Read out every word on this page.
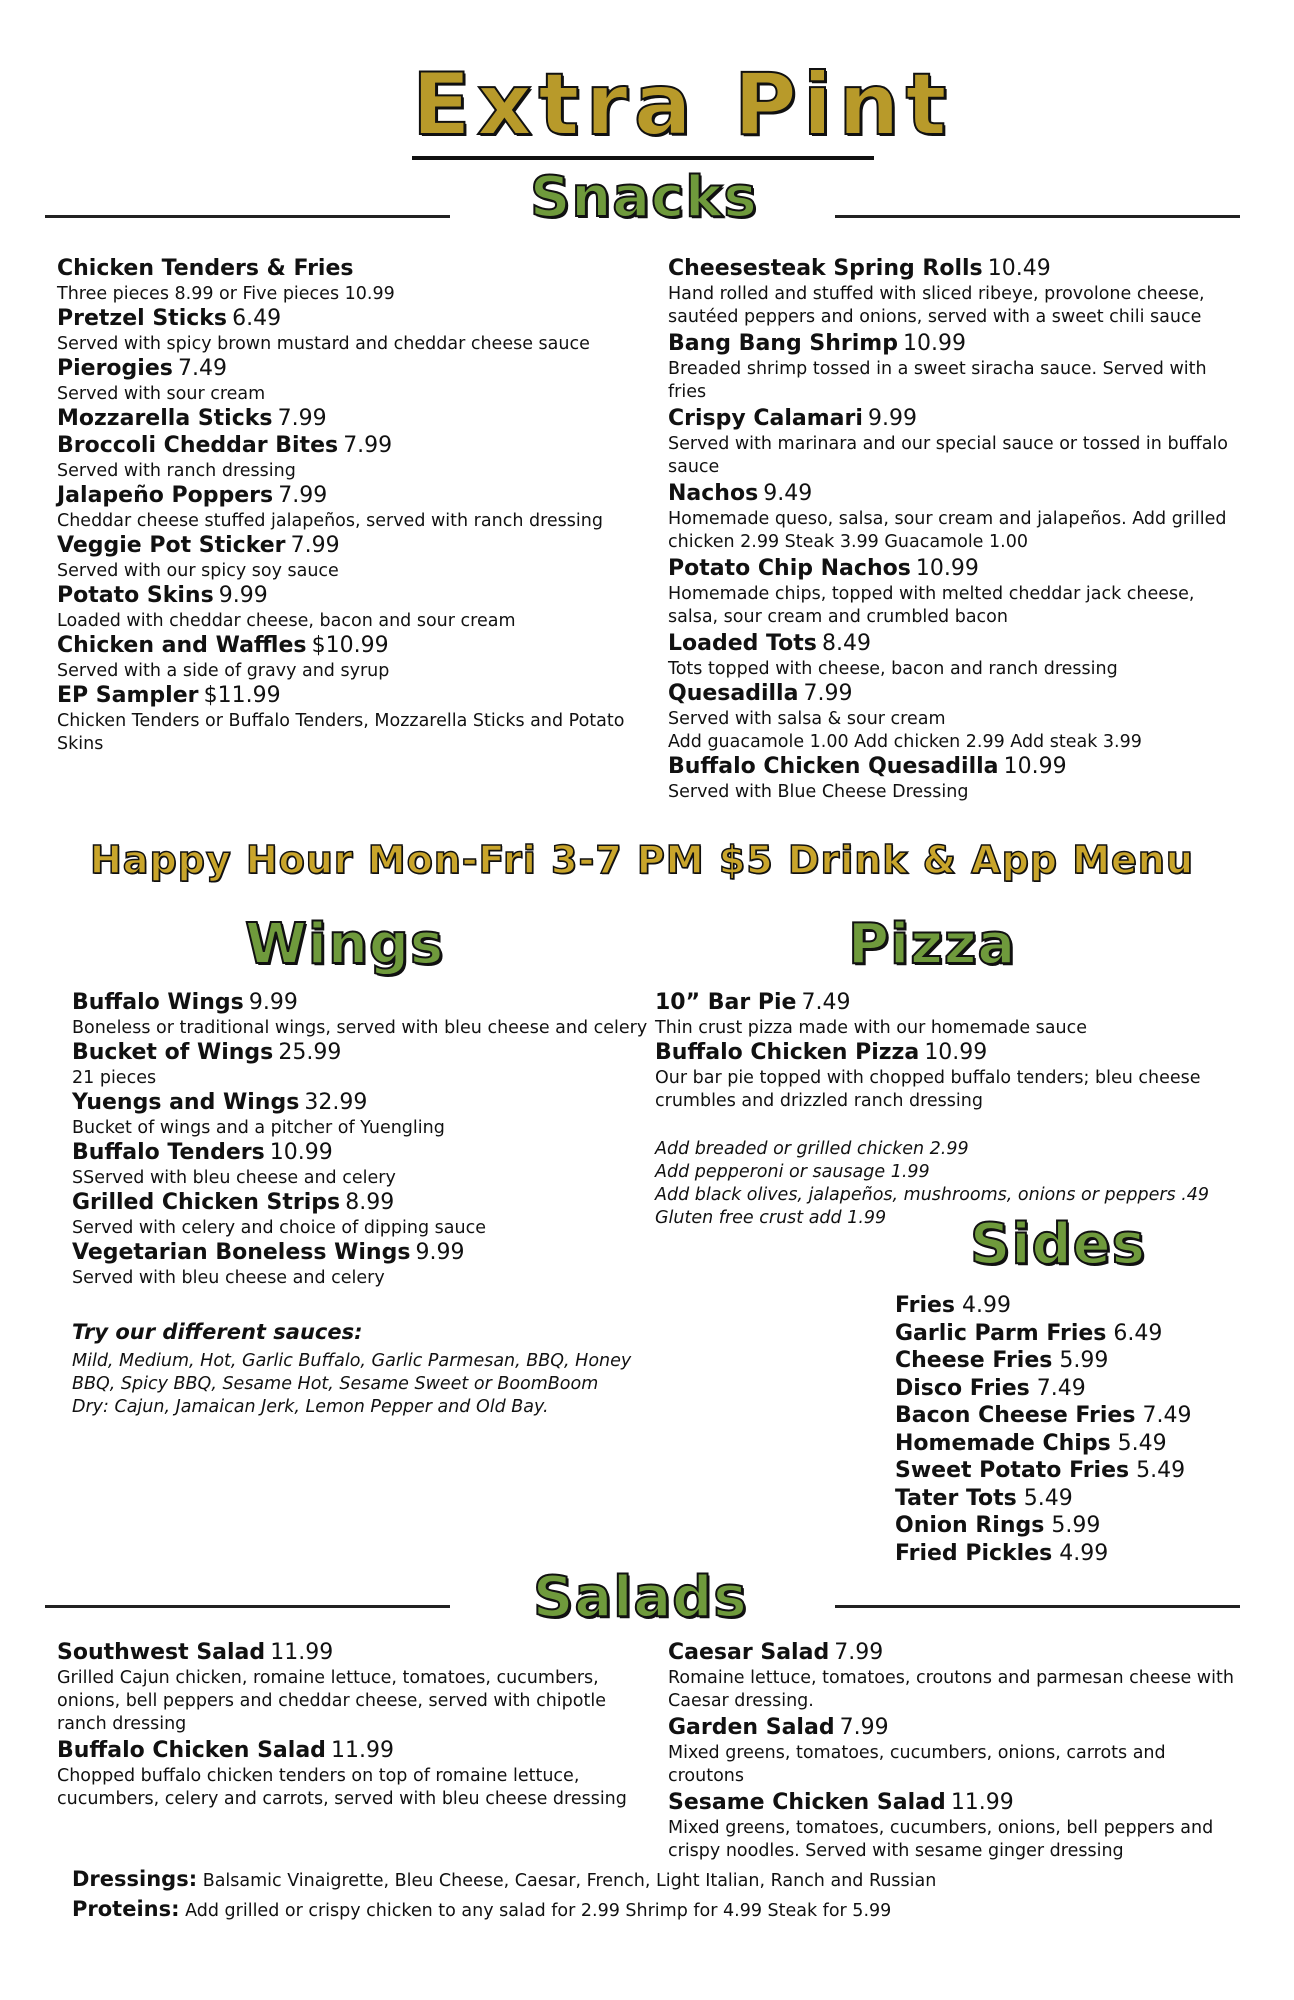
Extra Pint
Snacks
Chicken Tenders & Fries
Three pieces 8.99 or Five pieces 10.99
Pretzel Sticks 6.49
Served with spicy brown mustard and cheddar cheese sauce
Pierogies 7.49
Served with sour cream
Mozzarella Sticks 7.99
Broccoli Cheddar Bites 7.99
Served with ranch dressing
Jalapeño Poppers 7.99
Cheddar cheese stuffed jalapeños, served with ranch dressing
Veggie Pot Sticker 7.99
Served with our spicy soy sauce
Potato Skins 9.99
Loaded with cheddar cheese, bacon and sour cream
Chicken and Waffles $10.99
Served with a side of gravy and syrup
EP Sampler $11.99
Chicken Tenders or Buffalo Tenders, Mozzarella Sticks and Potato Skins
Cheesesteak Spring Rolls 10.49
Hand rolled and stuffed with sliced ribeye, provolone cheese, sautéed peppers and onions, served with a sweet chili sauce
Bang Bang Shrimp 10.99
Breaded shrimp tossed in a sweet siracha sauce. Served with fries
Crispy Calamari 9.99
Served with marinara and our special sauce or tossed in buffalo sauce
Nachos 9.49
Homemade queso, salsa, sour cream and jalapeños. Add grilled chicken 2.99 Steak 3.99 Guacamole 1.00
Potato Chip Nachos 10.99
Homemade chips, topped with melted cheddar jack cheese, salsa, sour cream and crumbled bacon
Loaded Tots 8.49
Tots topped with cheese, bacon and ranch dressing
Quesadilla 7.99
Served with salsa & sour cream
Add guacamole 1.00 Add chicken 2.99 Add steak 3.99
Buffalo Chicken Quesadilla 10.99
Served with Blue Cheese Dressing
Happy Hour Mon-Fri 3-7 PM $5 Drink & App Menu
Wings	Pizza
Buffalo Wings 9.99
Boneless or traditional wings, served with bleu cheese and celery
Bucket of Wings 25.99
21 pieces
Yuengs and Wings 32.99
Bucket of wings and a pitcher of Yuengling
Buffalo Tenders 10.99
SServed with bleu cheese and celery
Grilled Chicken Strips 8.99
Served with celery and choice of dipping sauce
Vegetarian Boneless Wings 9.99
Served with bleu cheese and celery
Try our different sauces:
Mild, Medium, Hot, Garlic Buffalo, Garlic Parmesan, BBQ, Honey
BBQ, Spicy BBQ, Sesame Hot, Sesame Sweet or BoomBoom
Dry: Cajun, Jamaican Jerk, Lemon Pepper and Old Bay.
10” Bar Pie 7.49
Thin crust pizza made with our homemade sauce
Buffalo Chicken Pizza 10.99
Our bar pie topped with chopped buffalo tenders; bleu cheese crumbles and drizzled ranch dressing
Add breaded or grilled chicken 2.99
Add pepperoni or sausage 1.99
Add black olives, jalapeños, mushrooms, onions or peppers .49
Gluten free crust add 1.99	Sides
Fries 4.99
Garlic Parm Fries 6.49
Cheese Fries 5.99
Disco Fries 7.49
Bacon Cheese Fries 7.49
Homemade Chips 5.49
Sweet Potato Fries 5.49
Tater Tots 5.49
Onion Rings 5.99
Fried Pickles 4.99
Salads
Southwest Salad 11.99
Grilled Cajun chicken, romaine lettuce, tomatoes, cucumbers, onions, bell peppers and cheddar cheese, served with chipotle ranch dressing
Buffalo Chicken Salad 11.99
Chopped buffalo chicken tenders on top of romaine lettuce, cucumbers, celery and carrots, served with bleu cheese dressing
Caesar Salad 7.99
Romaine lettuce, tomatoes, croutons and parmesan cheese with Caesar dressing.
Garden Salad 7.99
Mixed greens, tomatoes, cucumbers, onions, carrots and croutons
Sesame Chicken Salad 11.99
Mixed greens, tomatoes, cucumbers, onions, bell peppers and crispy noodles. Served with sesame ginger dressing
Dressings: Balsamic Vinaigrette, Bleu Cheese, Caesar, French, Light Italian, Ranch and Russian
Proteins: Add grilled or crispy chicken to any salad for 2.99 Shrimp for 4.99 Steak for 5.99
